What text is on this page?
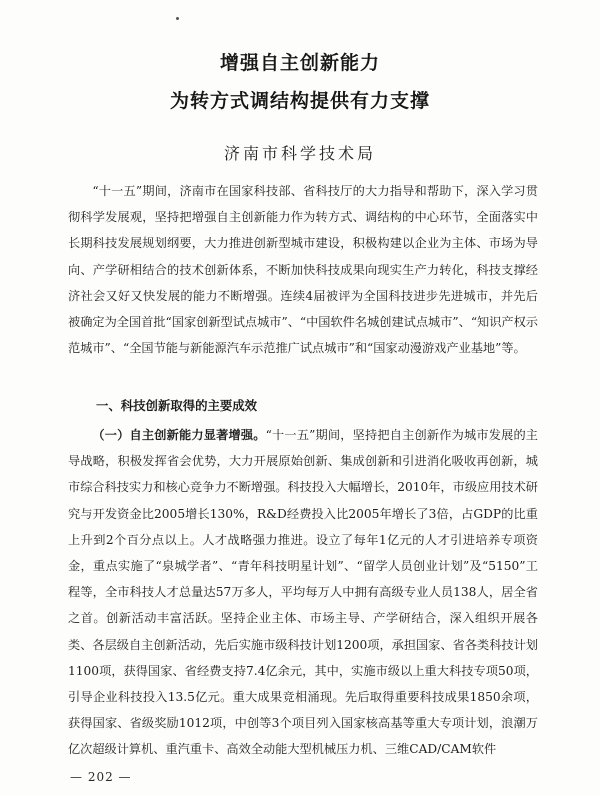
增强自主创新能力
为转方式调结构提供有力支撑
济南市科学技术局

“十一五”期间，济南市在国家科技部、省科技厅的大力指导和帮助下，深入学习贯彻科学发展观，坚持把增强自主创新能力作为转方式、调结构的中心环节，全面落实中长期科技发展规划纲要，大力推进创新型城市建设，积极构建以企业为主体、市场为导向、产学研相结合的技术创新体系，不断加快科技成果向现实生产力转化，科技支撑经济社会又好又快发展的能力不断增强。连续4届被评为全国科技进步先进城市，并先后被确定为全国首批“国家创新型试点城市”、“中国软件名城创建试点城市”、“知识产权示范城市”、“全国节能与新能源汽车示范推广试点城市”和“国家动漫游戏产业基地”等。

一、科技创新取得的主要成效

（一）自主创新能力显著增强。“十一五”期间，坚持把自主创新作为城市发展的主导战略，积极发挥省会优势，大力开展原始创新、集成创新和引进消化吸收再创新，城市综合科技实力和核心竞争力不断增强。科技投入大幅增长，2010年，市级应用技术研究与开发资金比2005增长130%，R&D经费投入比2005年增长了3倍，占GDP的比重上升到2个百分点以上。人才战略强力推进。设立了每年1亿元的人才引进培养专项资金，重点实施了“泉城学者”、“青年科技明星计划”、“留学人员创业计划”及“5150”工程等，全市科技人才总量达57万多人，平均每万人中拥有高级专业人员138人，居全省之首。创新活动丰富活跃。坚持企业主体、市场主导、产学研结合，深入组织开展各类、各层级自主创新活动，先后实施市级科技计划1200项，承担国家、省各类科技计划1100项，获得国家、省经费支持7.4亿余元，其中，实施市级以上重大科技专项50项，引导企业科技投入13.5亿元。重大成果竞相涌现。先后取得重要科技成果1850余项，获得国家、省级奖励1012项，中创等3个项目列入国家核高基等重大专项计划，浪潮万亿次超级计算机、重汽重卡、高效全动能大型机械压力机、三维CAD/CAM软件

— 202 —
